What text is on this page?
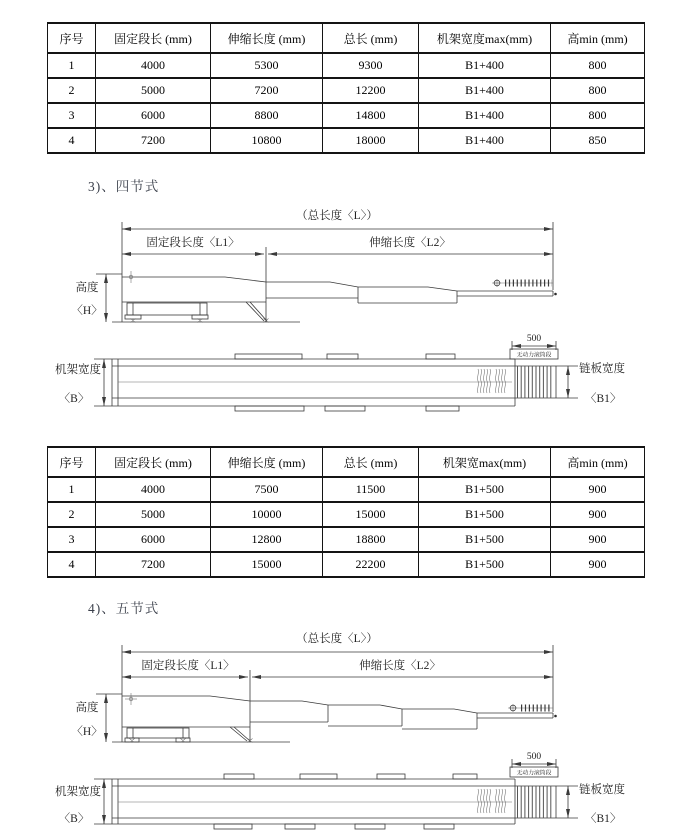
序号	固定段长 (mm)	伸缩长度 (mm)	总长 (mm)	机架宽度max(mm)	高min (mm)
1	4000	5300	9300	B1+400	800
2	5000	7200	12200	B1+400	800
3	6000	8800	14800	B1+400	800
4	7200	10800	18000	B1+400	850
3)、四节式
（总长度〈L〉）
固定段长度〈L1〉	伸缩长度〈L2〉
高度
〈H〉
500
无动力滚筒段
机架宽度
〈B〉
链板宽度
〈B1〉
序号	固定段长 (mm)	伸缩长度 (mm)	总长 (mm)	机架宽max(mm)	高min (mm)
1	4000	7500	11500	B1+500	900
2	5000	10000	15000	B1+500	900
3	6000	12800	18800	B1+500	900
4	7200	15000	22200	B1+500	900
4)、五节式
（总长度〈L〉）
固定段长度〈L1〉	伸缩长度〈L2〉
高度
〈H〉
500
无动力滚筒段
机架宽度
〈B〉
链板宽度
〈B1〉
